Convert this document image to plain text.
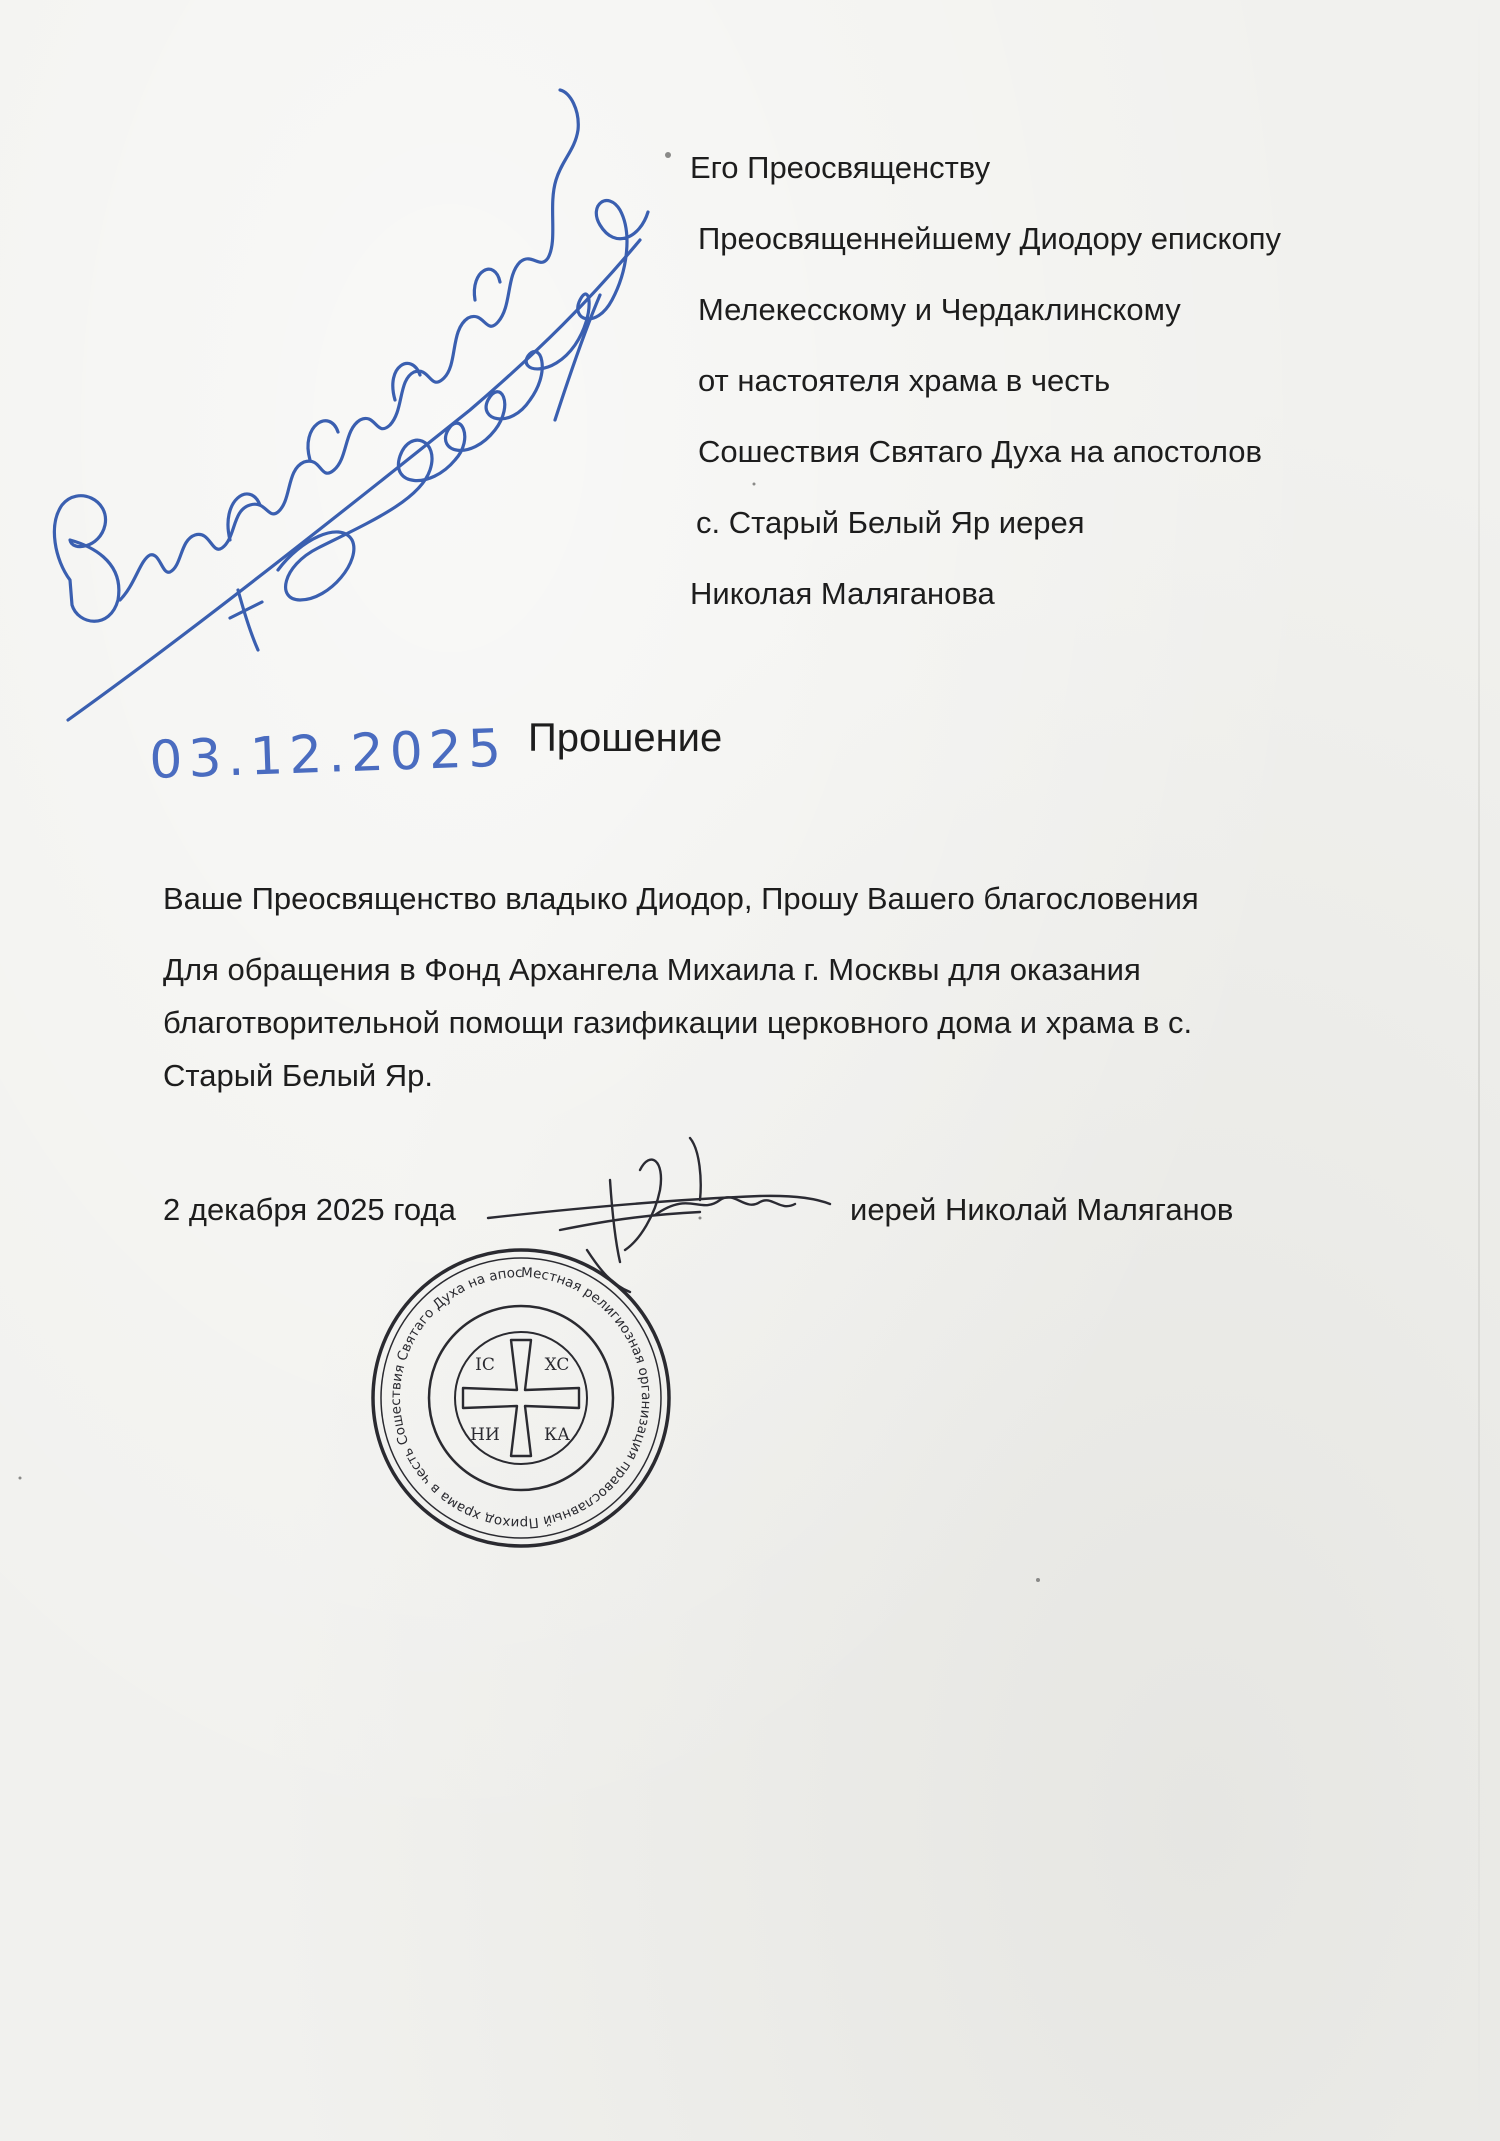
Его Преосвященству
Преосвященнейшему Диодору епископу
Мелекесскому и Чердаклинскому
от настоятеля храма в честь
Сошествия Святаго Духа на апостолов
с. Старый Белый Яр иерея
Николая Маляганова
Прошение

Ваше Преосвященство владыко Диодор, Прошу Вашего благословения

Для обращения в Фонд Архангела Михаила г. Москвы для оказания благотворительной помощи газификации церковного дома и храма в с. Старый Белый Яр.

2 декабря 2025 года	иерей Николай Маляганов
03.12.2025
Местная религиозная организация православный Приход храма в честь Сошествия Святаго Духа на апостолов с. Старый Белый Яр Чердаклинского района Ульяновской области Мелекесской Епархии Русской Православной Церкви (Московский Патриархат)
IC	XC
НИ	КА
